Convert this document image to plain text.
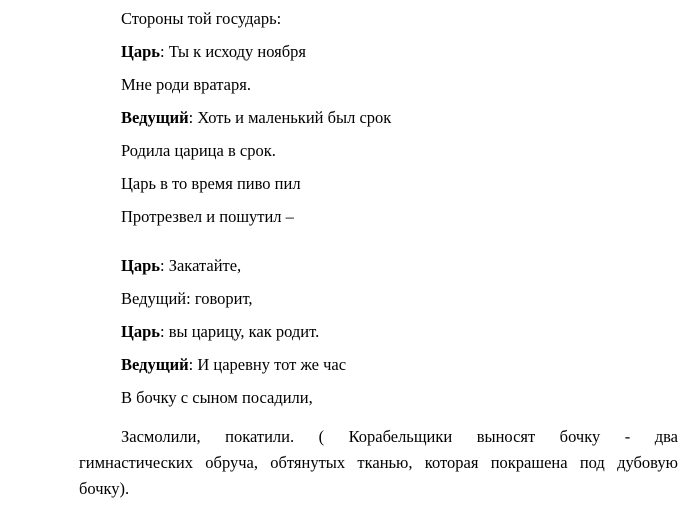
Стороны той государь:

Царь: Ты к исходу ноября

Мне роди вратаря.

Ведущий: Хоть и маленький был срок

Родила царица в срок.

Царь в то время пиво пил

Протрезвел и пошутил –

Царь: Закатайте,

Ведущий: говорит,

Царь: вы царицу, как родит.

Ведущий: И царевну тот же час

В бочку с сыном посадили,

Засмолили, покатили. ( Корабельщики выносят бочку - два
гимнастических обруча, обтянутых тканью, которая покрашена под дубовую
бочку).
